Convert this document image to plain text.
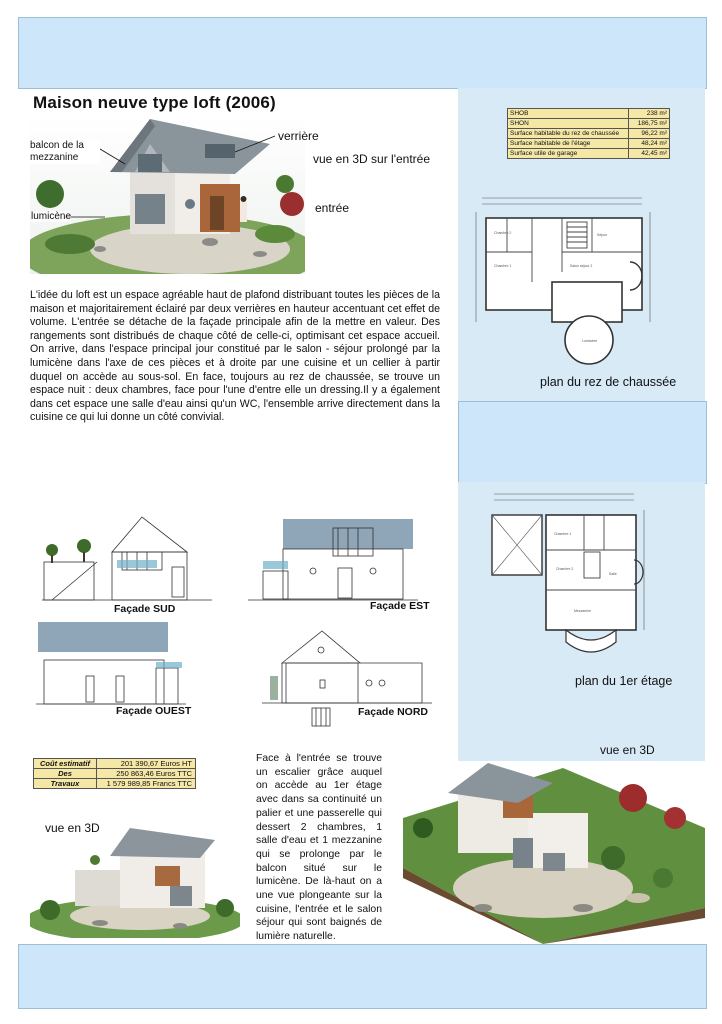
Maison neuve type loft (2006)
balcon de la mezzanine
verrière
vue en 3D sur l'entrée
entrée
lumicène
L'idée du loft est un espace agréable haut de plafond distribuant toutes les pièces de la maison et majoritairement éclairé par deux verrières en hauteur accentuant cet effet de volume. L'entrée se détache de la façade principale afin de la mettre en valeur. Des rangements sont distribués de chaque côté de celle-ci, optimisant cet espace accueil. On arrive, dans l'espace principal jour constitué par le salon - séjour prolongé par la lumicène dans l'axe de ces pièces et à droite par une cuisine et un cellier à partir duquel on accède au sous-sol. En face, toujours au rez de chaussée, se trouve un espace nuit : deux chambres, face pour l'une d'entre elle un dressing.Il y a également dans cet espace une salle d'eau ainsi qu'un WC, l'ensemble arrive directement dans la cuisine ce qui lui donne un côté convivial.
SHOB	238 m²
SHON	186,75 m²
Surface habitable du rez de chaussée	96,22 m²
Surface habitable de l'étage	48,24 m²
Surface utile de garage	42,45 m²
Chambre 2
Chambre 1	Salon séjour 2
Séjour
Lumicène
plan du rez de chaussée
Chambre 1
Chambre 2
Salle
Mezzanine
plan du 1er étage
Façade SUD	Façade EST
Façade OUEST	Façade NORD
Coût estimatif	201 390,67 Euros HT
Des	250 863,46 Euros TTC
Travaux	1 579 989,85 Francs TTC
vue en 3D
Face à l'entrée se trouve un escalier grâce auquel on accède au 1er étage avec dans sa continuité un palier et une passerelle qui dessert 2 chambres, 1 salle d'eau et 1 mezzanine qui se prolonge par le balcon situé sur le lumicène. De là-haut on a une vue plongeante sur la cuisine, l'entrée et le salon séjour qui sont baignés de lumière naturelle.
vue en 3D
